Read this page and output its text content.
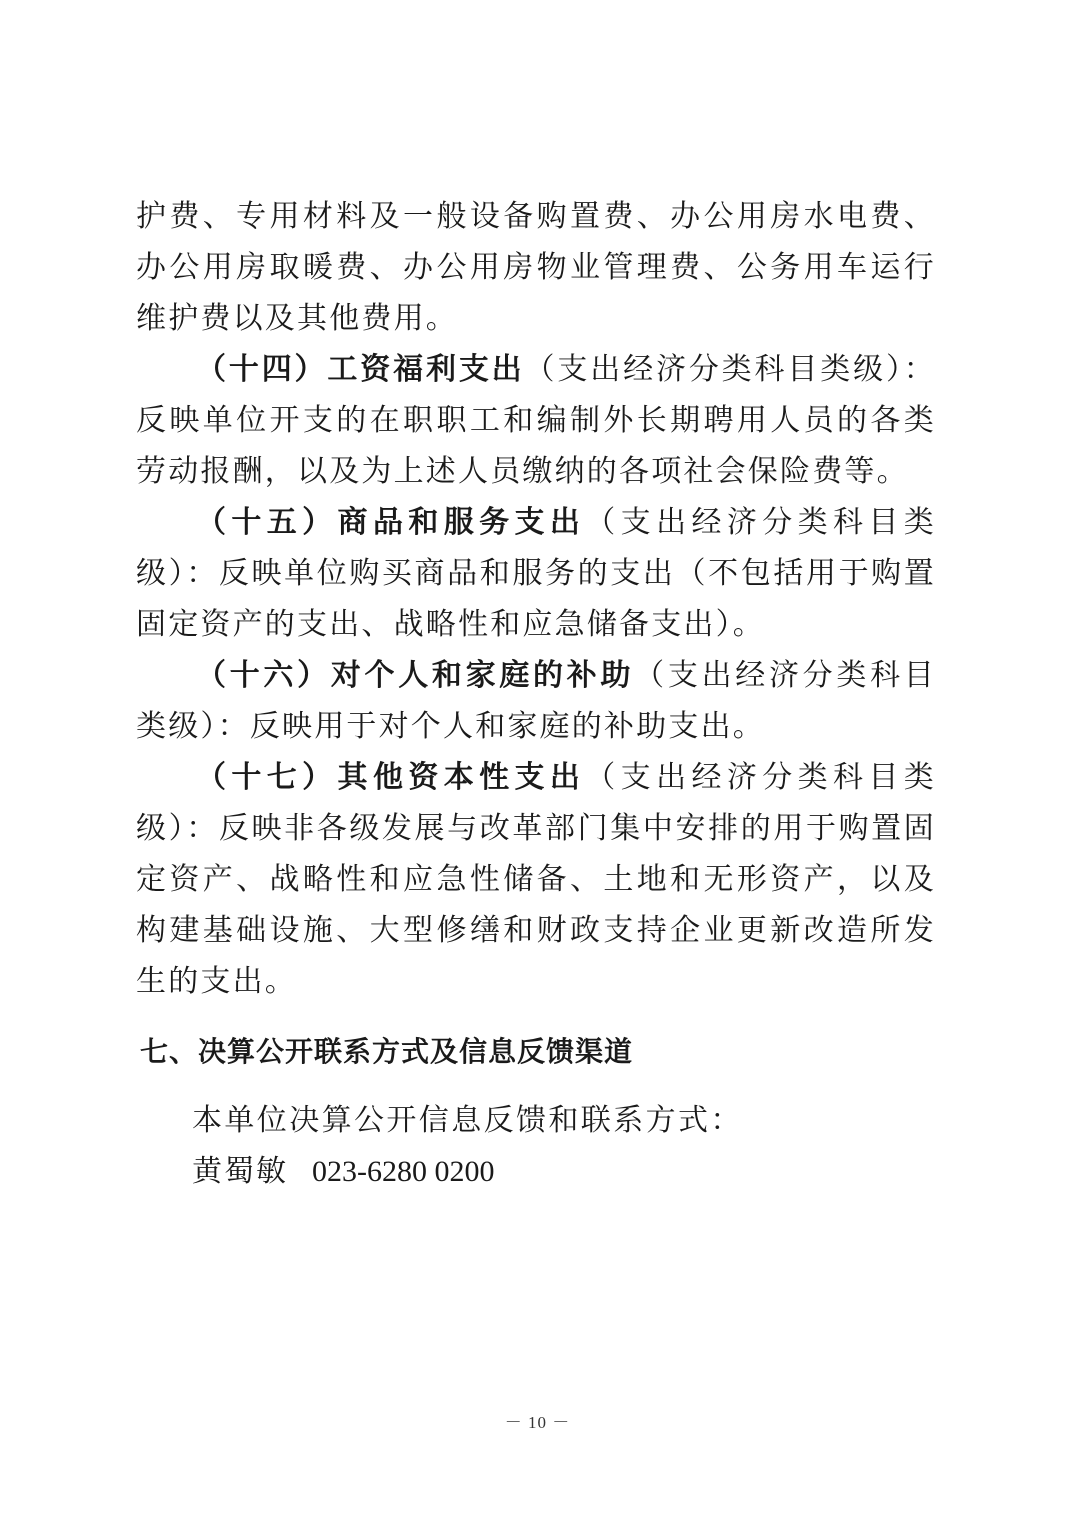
护费、专用材料及一般设备购置费、办公用房水电费、办公用房取暖费、办公用房物业管理费、公务用车运行维护费以及其他费用。

（十四）工资福利支出（支出经济分类科目类级）：反映单位开支的在职职工和编制外长期聘用人员的各类劳动报酬，以及为上述人员缴纳的各项社会保险费等。

（十五）商品和服务支出（支出经济分类科目类级）：反映单位购买商品和服务的支出（不包括用于购置固定资产的支出、战略性和应急储备支出）。

（十六）对个人和家庭的补助（支出经济分类科目类级）：反映用于对个人和家庭的补助支出。

（十七）其他资本性支出（支出经济分类科目类级）：反映非各级发展与改革部门集中安排的用于购置固定资产、战略性和应急性储备、土地和无形资产，以及构建基础设施、大型修缮和财政支持企业更新改造所发生的支出。

七、决算公开联系方式及信息反馈渠道

本单位决算公开信息反馈和联系方式：

黄蜀敏 023-6280 0200
－ 10 －
